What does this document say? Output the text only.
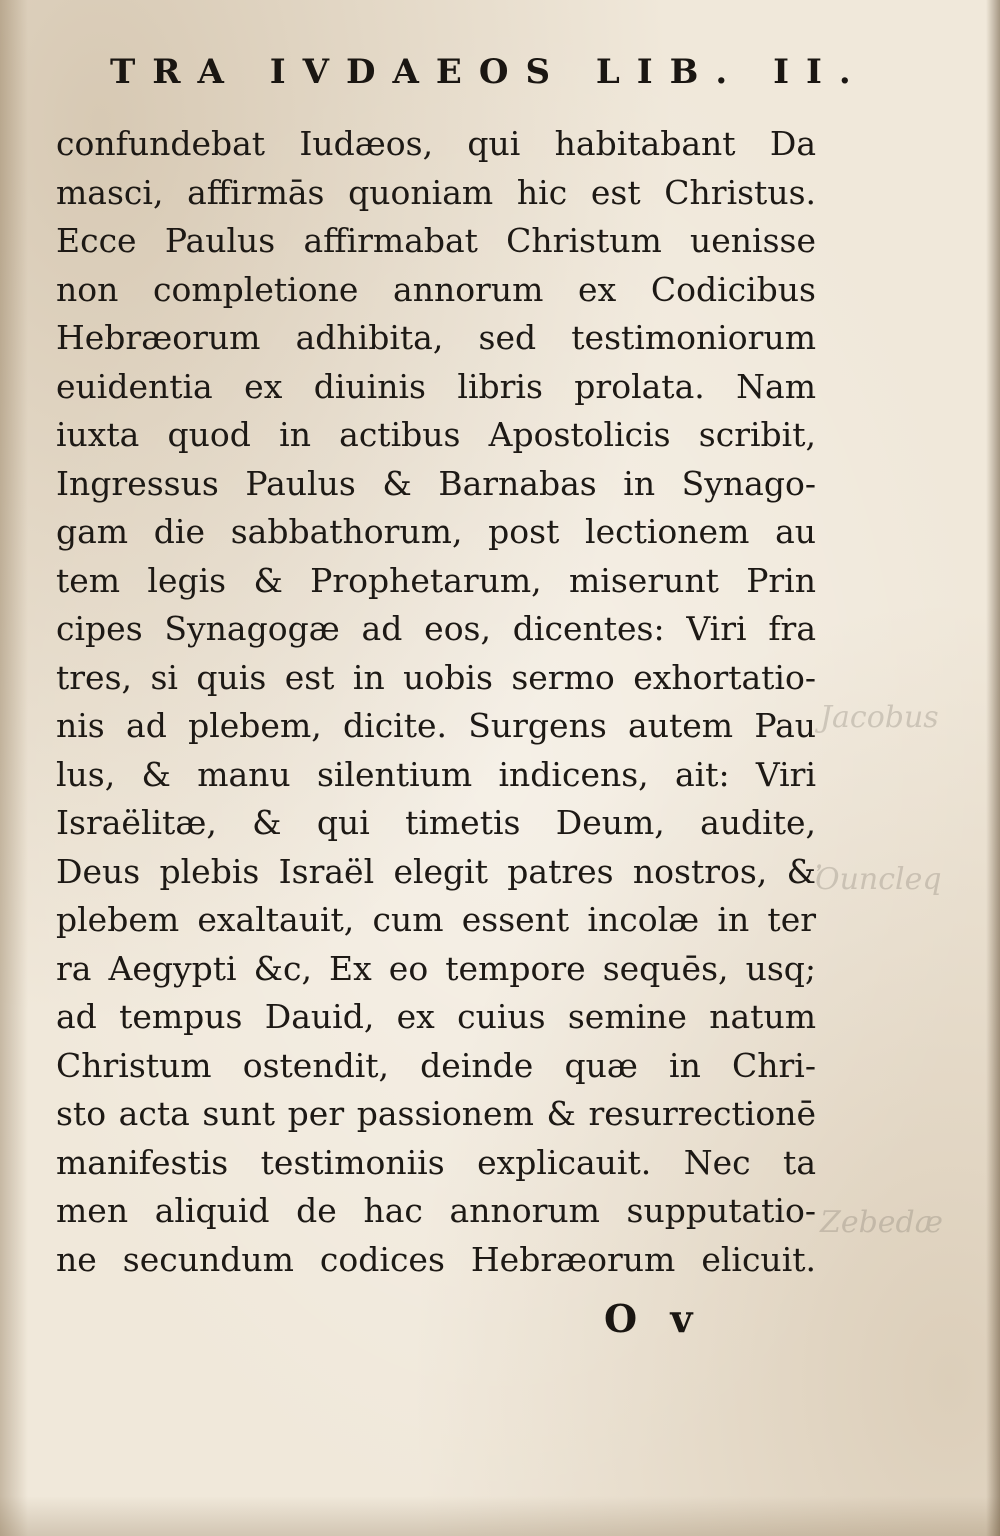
Jacobus
Ὀuncleq
Zebedæ
TRA IVDAEOS LIB. II.
confundebat Iudæos, qui habitabant Da
masci, affirmās quoniam hic est Christus.
Ecce Paulus affirmabat Christum uenisse
non completione annorum ex Codicibus
Hebræorum adhibita, sed testimoniorum
euidentia ex diuinis libris prolata. Nam
iuxta quod in actibus Apostolicis scribit,
Ingressus Paulus & Barnabas in Synago-
gam die sabbathorum, post lectionem au
tem legis & Prophetarum, miserunt Prin
cipes Synagogæ ad eos, dicentes: Viri fra
tres, si quis est in uobis sermo exhortatio-
nis ad plebem, dicite. Surgens autem Pau
lus, & manu silentium indicens, ait: Viri
Israëlitæ, & qui timetis Deum, audite,
Deus plebis Israël elegit patres nostros, &
plebem exaltauit, cum essent incolæ in ter
ra Aegypti &c, Ex eo tempore sequēs, usq;
ad tempus Dauid, ex cuius semine natum
Christum ostendit, deinde quæ in Chri-
sto acta sunt per passionem & resurrectionē
manifestis testimoniis explicauit. Nec ta
men aliquid de hac annorum supputatio-
ne secundum codices Hebræorum elicuit.
O v
